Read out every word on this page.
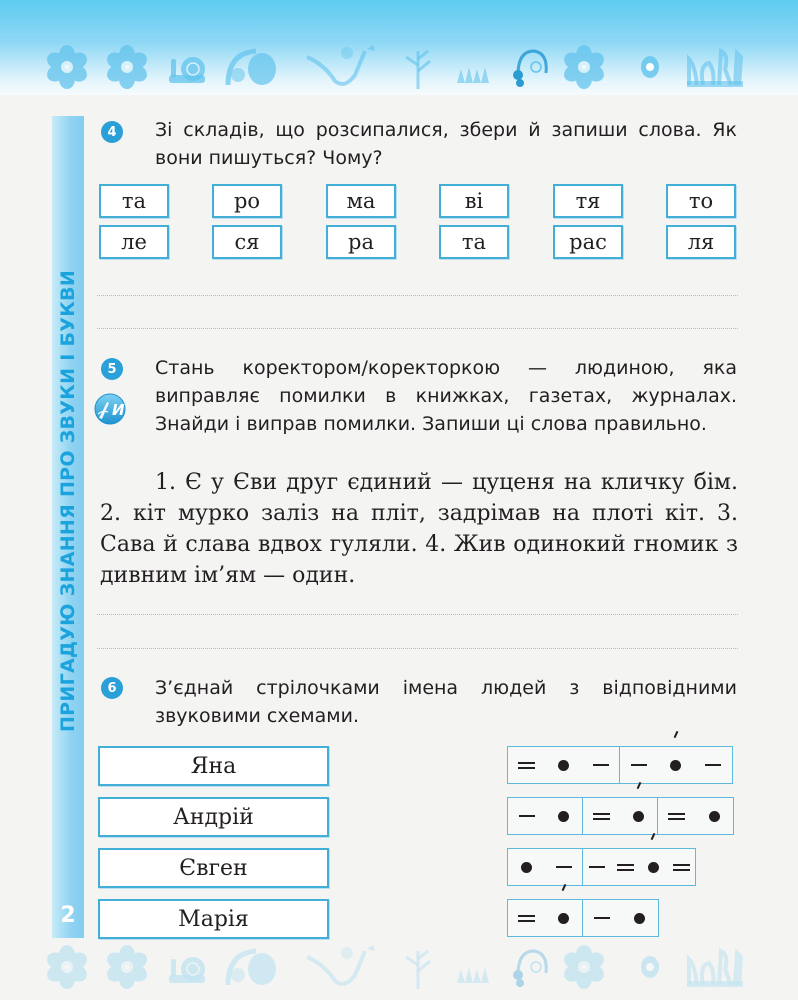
ПРИГАДУЮ ЗНАННЯ ПРО ЗВУКИ І БУКВИ
2
4	Зі складів, що розсипалися, збери й запиши слова. Як вони пишуться? Чому?
та	ро	ма	ві	тя	то
ле	ся	ра	та	рас	ля
5
И
Стань коректором/коректоркою — людиною, яка виправляє помилки в книжках, газетах, журналах. Знайди і виправ помилки. Запиши ці слова правильно.
1. Є у Єви друг єдиний — цуценя на кличку бім. 2. кіт мурко заліз на пліт, задрімав на плоті кіт. 3. Сава й слава вдвох гуляли. 4. Жив одинокий гномик з дивним ім’ям — один.
6	З’єднай стрілочками імена людей з відповідними звуковими схемами.
Яна
Андрій
Євген
Марія
